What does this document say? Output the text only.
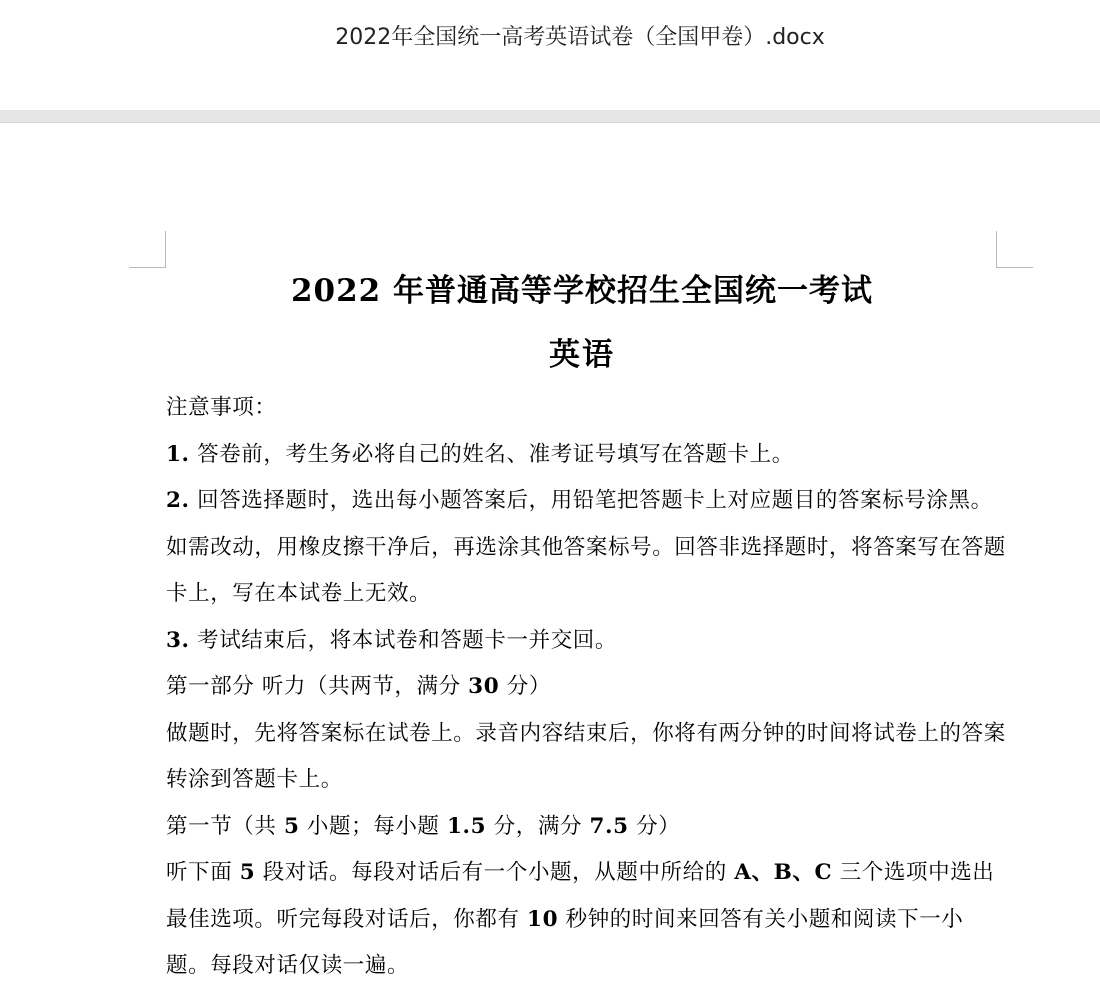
2022年全国统一高考英语试卷（全国甲卷）.docx
2022 年普通高等学校招生全国统一考试
英语

注意事项：

1. 答卷前，考生务必将自己的姓名、准考证号填写在答题卡上。

2. 回答选择题时，选出每小题答案后，用铅笔把答题卡上对应题目的答案标号涂黑。如需改动，用橡皮擦干净后，再选涂其他答案标号。回答非选择题时，将答案写在答题卡上，写在本试卷上无效。

3. 考试结束后，将本试卷和答题卡一并交回。

第一部分 听力（共两节，满分 30 分）

做题时，先将答案标在试卷上。录音内容结束后，你将有两分钟的时间将试卷上的答案转涂到答题卡上。

第一节（共 5 小题；每小题 1.5 分，满分 7.5 分）

听下面 5 段对话。每段对话后有一个小题，从题中所给的 A、B、C 三个选项中选出最佳选项。听完每段对话后，你都有 10 秒钟的时间来回答有关小题和阅读下一小题。每段对话仅读一遍。
